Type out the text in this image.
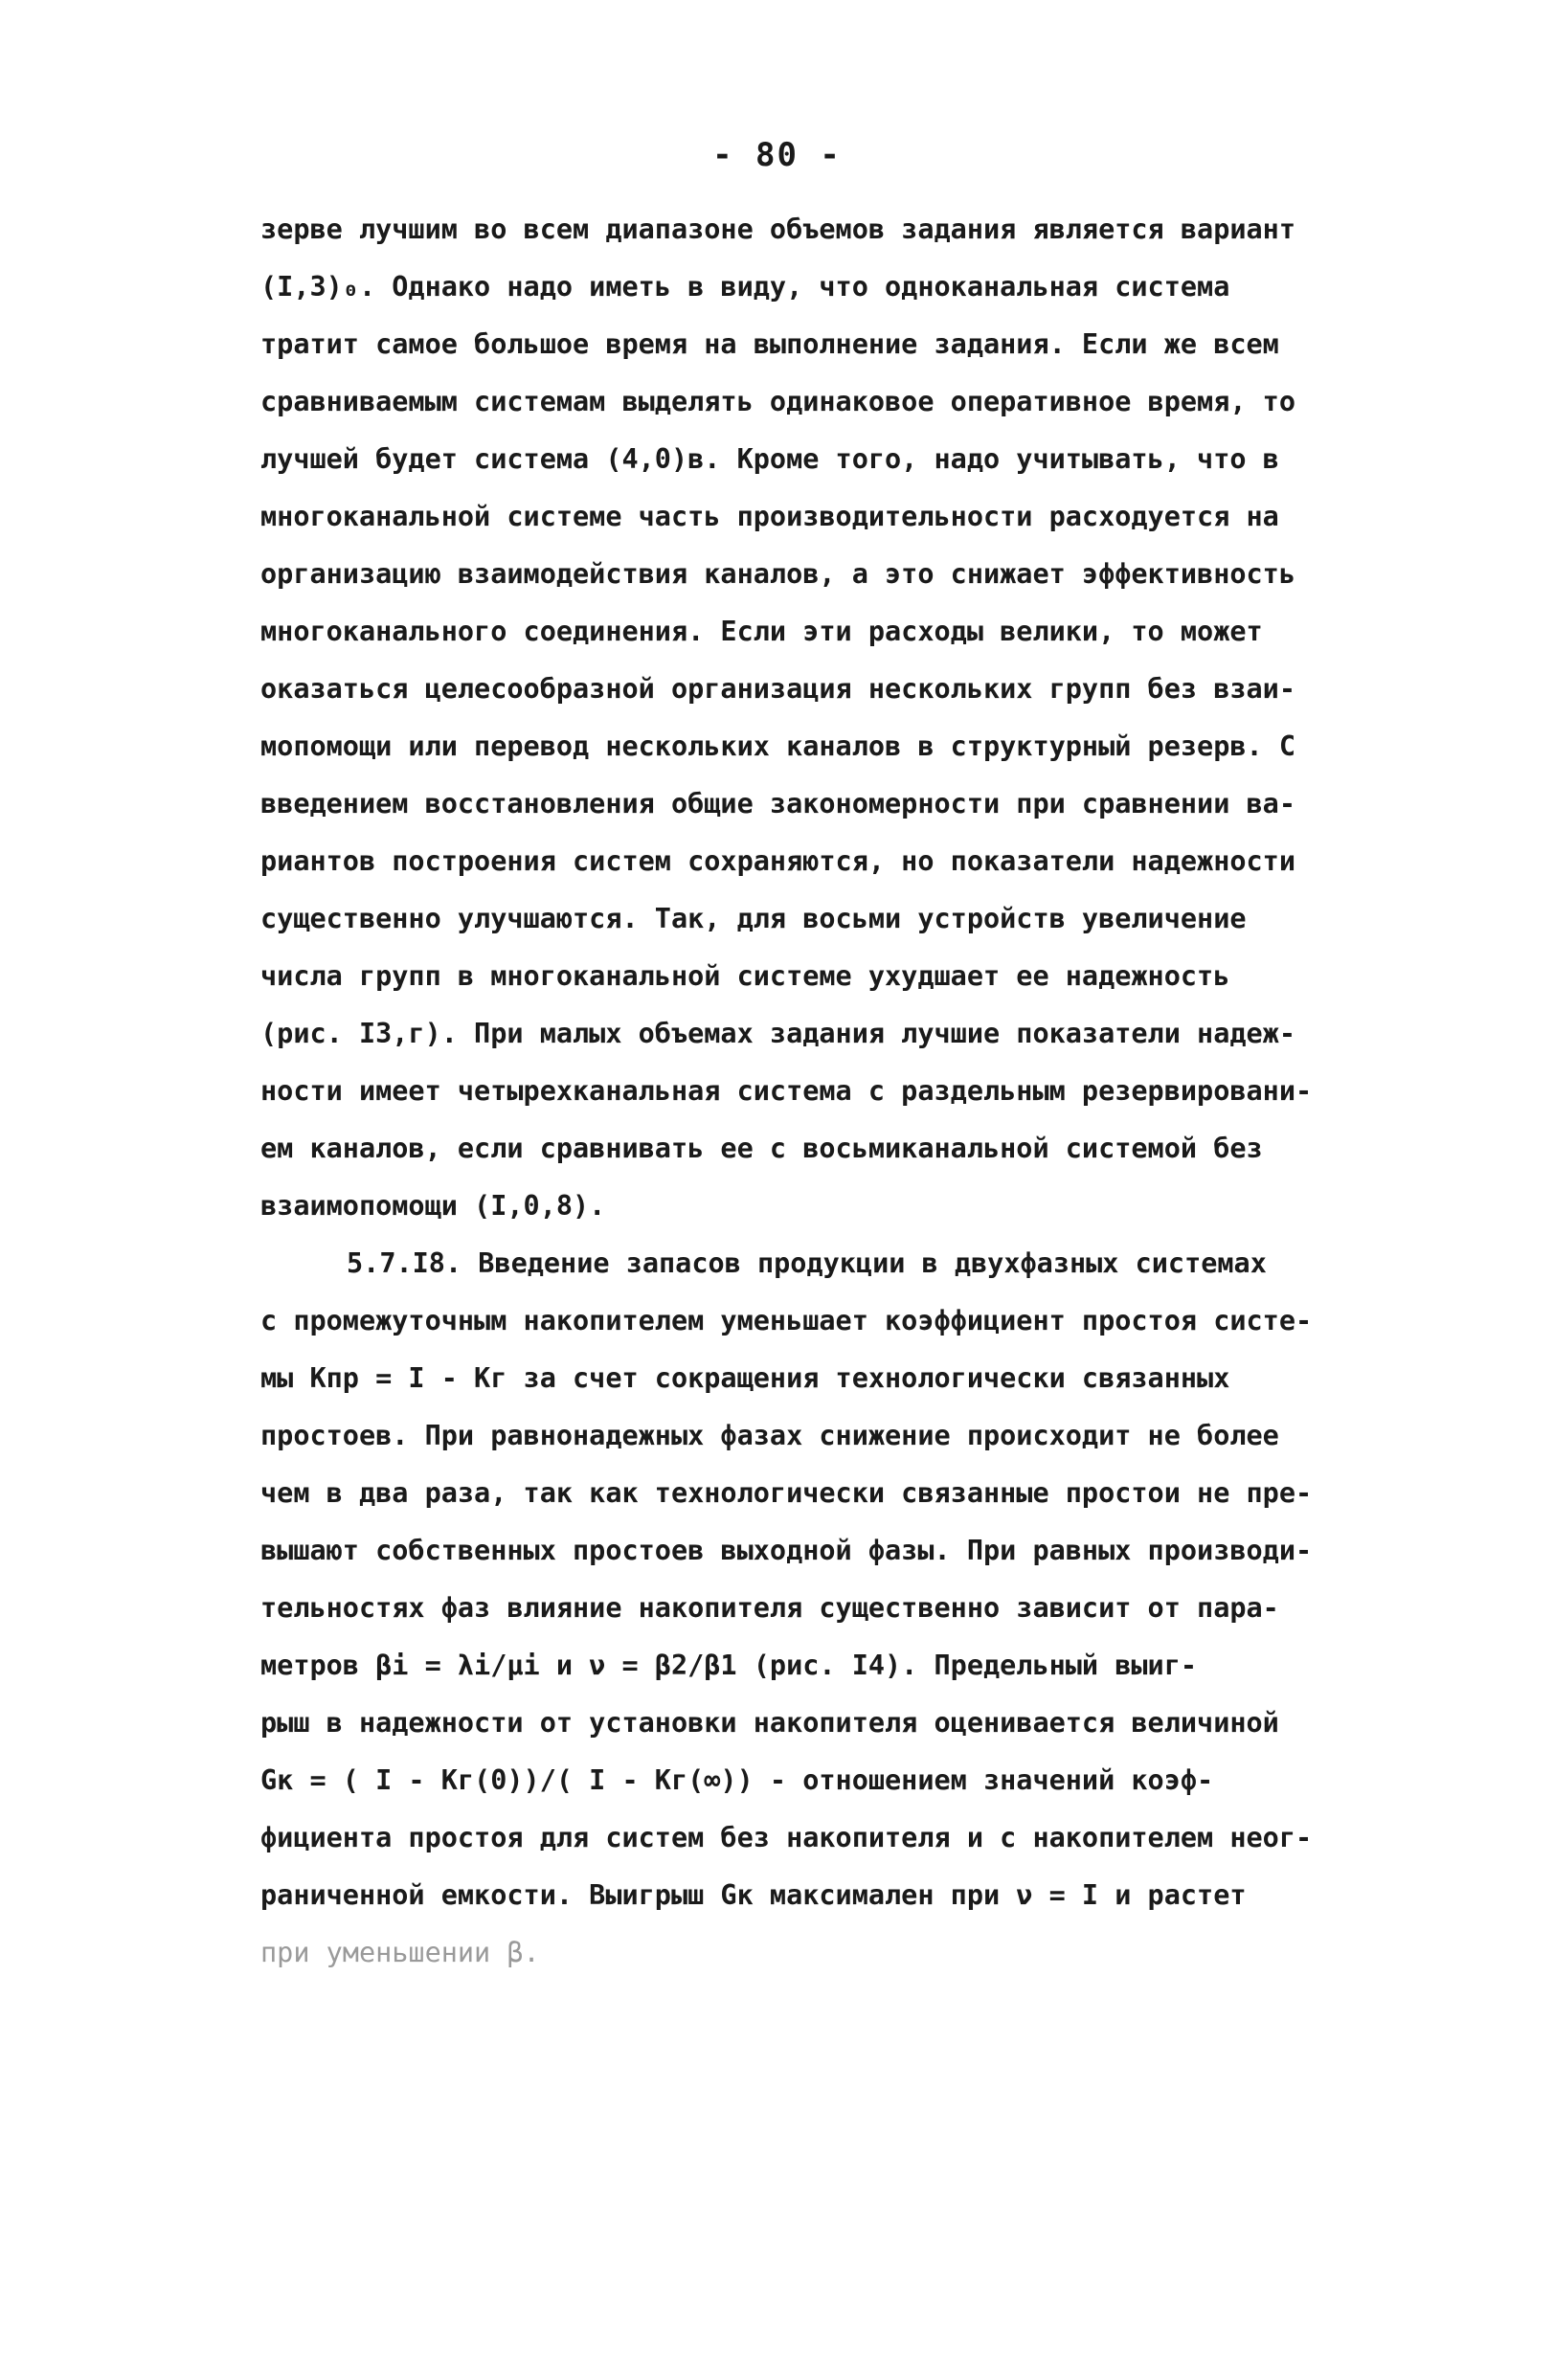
- 80 -
зерве лучшим во всем диапазоне объемов задания является вариант
(I,3)₀. Однако надо иметь в виду, что одноканальная система
тратит самое большое время на выполнение задания. Если же всем
сравниваемым системам выделять одинаковое оперативное время, то
лучшей будет система (4,0)в. Кроме того, надо учитывать, что в
многоканальной системе часть производительности расходуется на
организацию взаимодействия каналов, а это снижает эффективность
многоканального соединения. Если эти расходы велики, то может
оказаться целесообразной организация нескольких групп без взаи-
мопомощи или перевод нескольких каналов в структурный резерв. С
введением восстановления общие закономерности при сравнении ва-
риантов построения систем сохраняются, но показатели надежности
существенно улучшаются. Так, для восьми устройств увеличение
числа групп в многоканальной системе ухудшает ее надежность
(рис. I3,г). При малых объемах задания лучшие показатели надеж-
ности имеет четырехканальная система с раздельным резервировани-
ем каналов, если сравнивать ее с восьмиканальной системой без
взаимопомощи (I,0,8).
5.7.I8. Введение запасов продукции в двухфазных системах
с промежуточным накопителем уменьшает коэффициент простоя систе-
мы Kпр = I - Kг за счет сокращения технологически связанных
простоев. При равнонадежных фазах снижение происходит не более
чем в два раза, так как технологически связанные простои не пре-
вышают собственных простоев выходной фазы. При равных производи-
тельностях фаз влияние накопителя существенно зависит от пара-
метров βi = λi/μi и ν = β2/β1 (рис. I4). Предельный выиг-
рыш в надежности от установки накопителя оценивается величиной
Gк = ( I - Kг(0))/( I - Kг(∞)) - отношением значений коэф-
фициента простоя для систем без накопителя и с накопителем неог-
раниченной емкости. Выигрыш Gк максимален при ν = I и растет
при уменьшении β.
